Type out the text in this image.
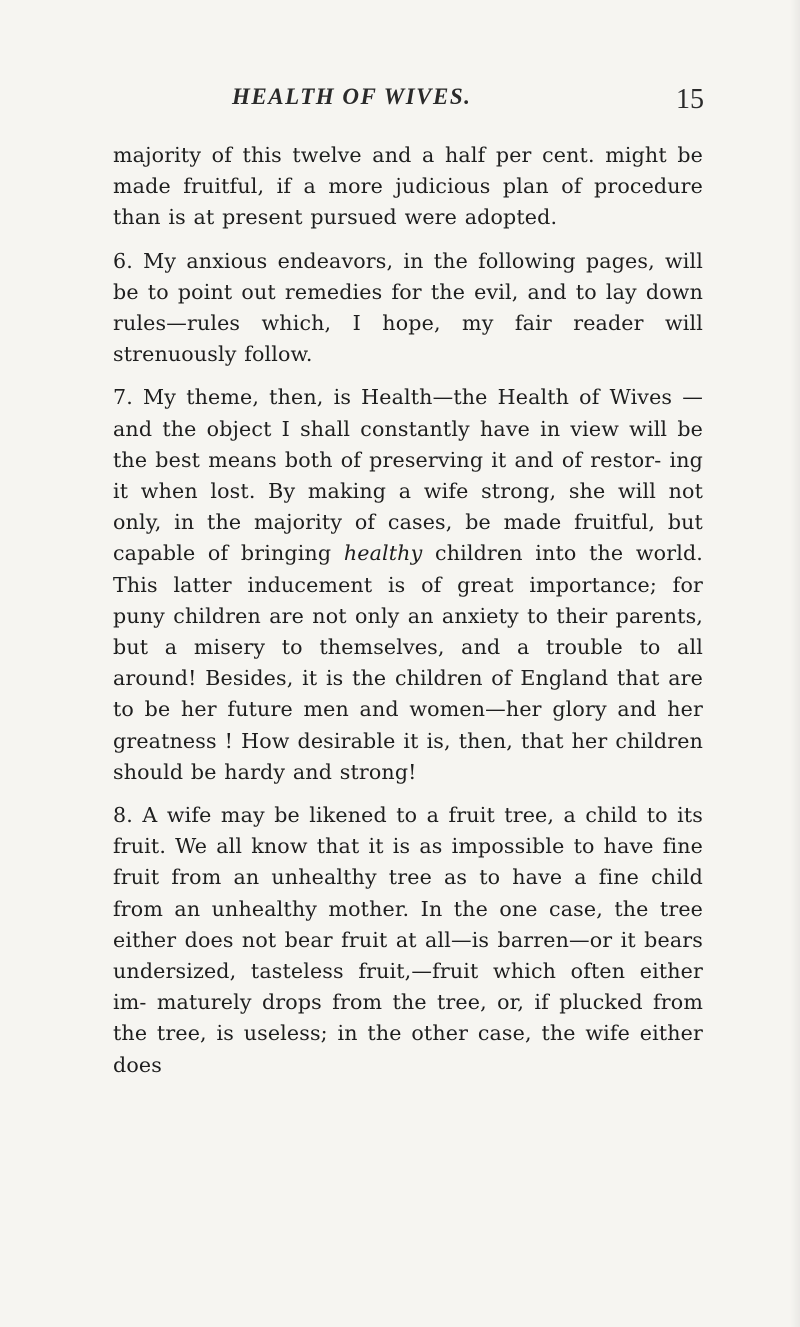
HEALTH OF WIVES.	15

majority of this twelve and a half per cent. might be made fruitful, if a more judicious plan of procedure than is at present pursued were adopted.

6. My anxious endeavors, in the following pages, will be to point out remedies for the evil, and to lay down rules—rules which, I hope, my fair reader will strenuously follow.

7. My theme, then, is Health—the Health of Wives —and the object I shall constantly have in view will be the best means both of preserving it and of restor- ing it when lost. By making a wife strong, she will not only, in the majority of cases, be made fruitful, but capable of bringing healthy children into the world. This latter inducement is of great importance; for puny children are not only an anxiety to their parents, but a misery to themselves, and a trouble to all around! Besides, it is the children of England that are to be her future men and women—her glory and her greatness ! How desirable it is, then, that her children should be hardy and strong!

8. A wife may be likened to a fruit tree, a child to its fruit. We all know that it is as impossible to have fine fruit from an unhealthy tree as to have a fine child from an unhealthy mother. In the one case, the tree either does not bear fruit at all—is barren—or it bears undersized, tasteless fruit,—fruit which often either im- maturely drops from the tree, or, if plucked from the tree, is useless; in the other case, the wife either does
